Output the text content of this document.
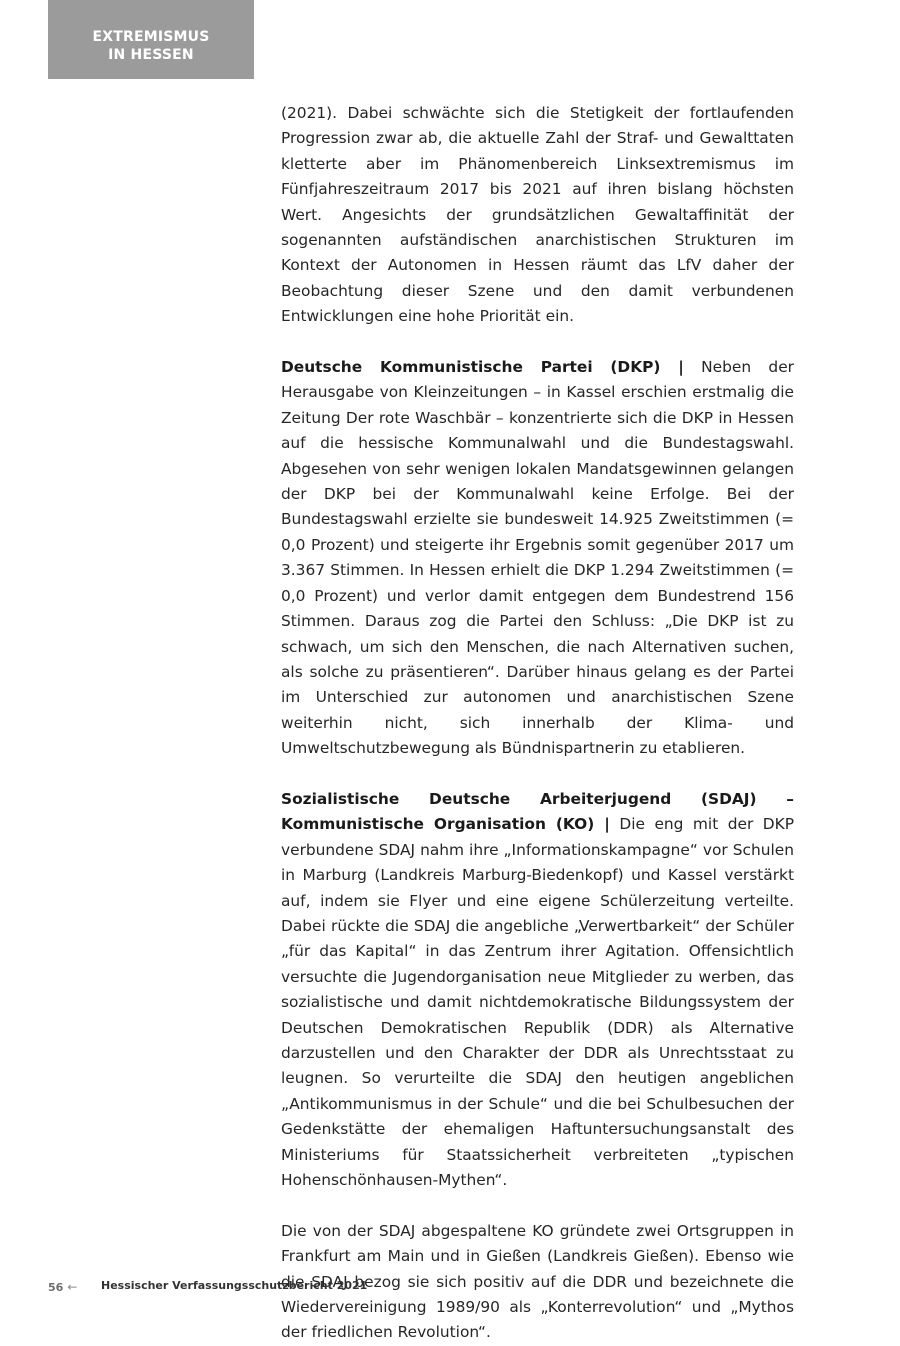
EXTREMISMUS
IN HESSEN

(2021). Dabei schwächte sich die Stetigkeit der fortlaufenden Progression zwar ab, die aktuelle Zahl der Straf- und Gewalttaten kletterte aber im Phänomenbereich Linksextremismus im Fünfjahreszeitraum 2017 bis 2021 auf ihren bislang höchsten Wert. Angesichts der grundsätzlichen Gewaltaffinität der sogenannten aufständischen anarchistischen Strukturen im Kontext der Autonomen in Hessen räumt das LfV daher der Beobachtung dieser Szene und den damit verbundenen Entwicklungen eine hohe Priorität ein.

Deutsche Kommunistische Partei (DKP) | Neben der Herausgabe von Kleinzeitungen – in Kassel erschien erstmalig die Zeitung Der rote Waschbär – konzentrierte sich die DKP in Hessen auf die hessische Kommunalwahl und die Bundestagswahl. Abgesehen von sehr wenigen lokalen Mandatsgewinnen gelangen der DKP bei der Kommunalwahl keine Erfolge. Bei der Bundestagswahl erzielte sie bundesweit 14.925 Zweitstimmen (= 0,0 Prozent) und steigerte ihr Ergebnis somit gegenüber 2017 um 3.367 Stimmen. In Hessen erhielt die DKP 1.294 Zweitstimmen (= 0,0 Prozent) und verlor damit entgegen dem Bundestrend 156 Stimmen. Daraus zog die Partei den Schluss: „Die DKP ist zu schwach, um sich den Menschen, die nach Alternativen suchen, als solche zu präsentieren“. Darüber hinaus gelang es der Partei im Unterschied zur autonomen und anarchistischen Szene weiterhin nicht, sich innerhalb der Klima- und Umweltschutzbewegung als Bündnispartnerin zu etablieren.

Sozialistische Deutsche Arbeiterjugend (SDAJ) – Kommunistische Organisation (KO) | Die eng mit der DKP verbundene SDAJ nahm ihre „Informationskampagne“ vor Schulen in Marburg (Landkreis Marburg-Biedenkopf) und Kassel verstärkt auf, indem sie Flyer und eine eigene Schülerzeitung verteilte. Dabei rückte die SDAJ die angebliche „Verwertbarkeit“ der Schüler „für das Kapital“ in das Zentrum ihrer Agitation. Offensichtlich versuchte die Jugendorganisation neue Mitglieder zu werben, das sozialistische und damit nichtdemokratische Bildungssystem der Deutschen Demokratischen Republik (DDR) als Alternative darzustellen und den Charakter der DDR als Unrechtsstaat zu leugnen. So verurteilte die SDAJ den heutigen angeblichen „Antikommunismus in der Schule“ und die bei Schulbesuchen der Gedenkstätte der ehemaligen Haftuntersuchungsanstalt des Ministeriums für Staatssicherheit verbreiteten „typischen Hohenschönhausen-Mythen“.

Die von der SDAJ abgespaltene KO gründete zwei Ortsgruppen in Frankfurt am Main und in Gießen (Landkreis Gießen). Ebenso wie die SDAJ bezog sie sich positiv auf die DDR und bezeichnete die Wiedervereinigung 1989/90 als „Konterrevolution“ und „Mythos der friedlichen Revolution“.

56 ← Hessischer Verfassungsschutzbericht 2021
